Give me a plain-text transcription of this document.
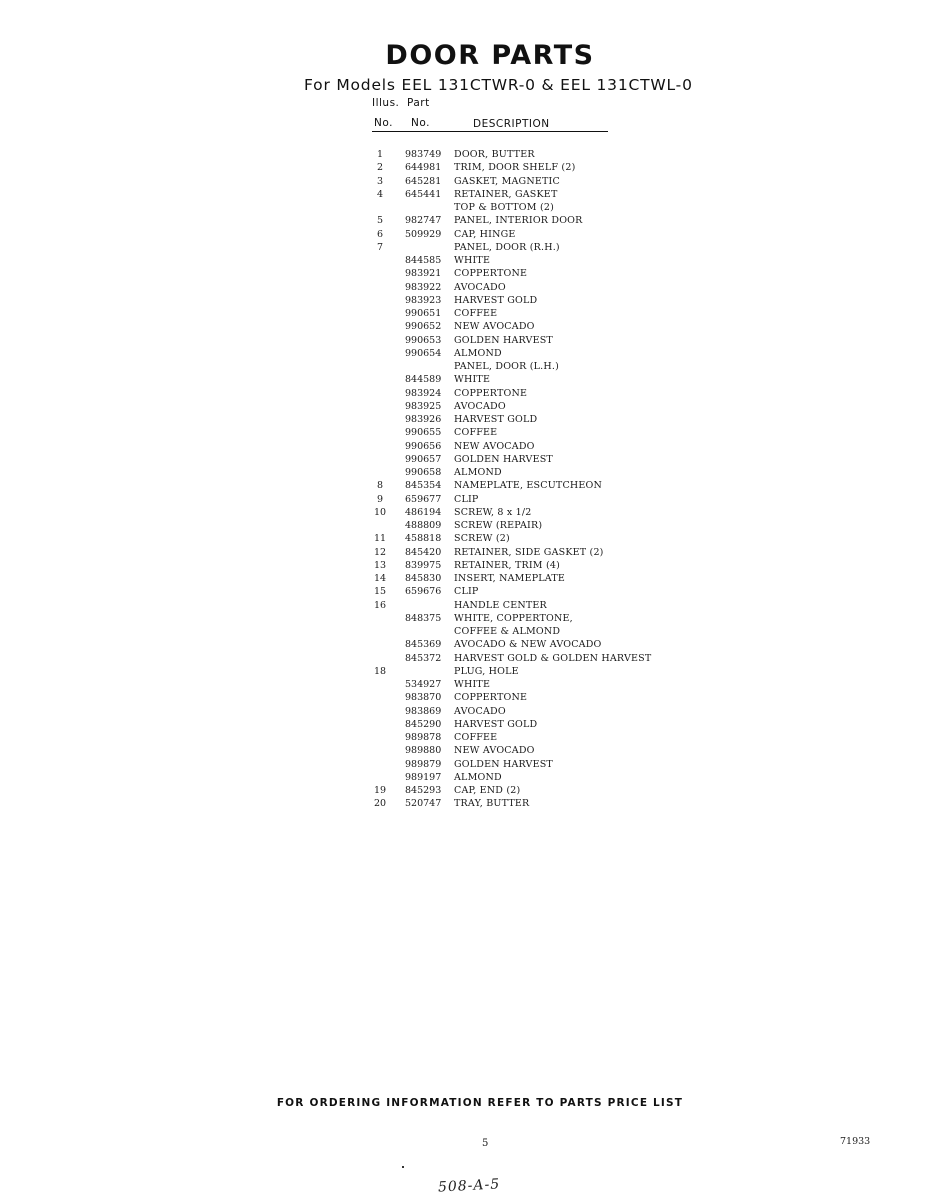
DOOR PARTS
For Models EEL 131CTWR-0 & EEL 131CTWL-0
Illus. Part
No. No.	DESCRIPTION
1	983749 DOOR, BUTTER
2	644981 TRIM, DOOR SHELF (2)
3	645281 GASKET, MAGNETIC
4	645441 RETAINER, GASKET
TOP & BOTTOM (2)
5	982747 PANEL, INTERIOR DOOR
6	509929 CAP, HINGE
7	PANEL, DOOR (R.H.)
844585 WHITE
983921 COPPERTONE
983922 AVOCADO
983923 HARVEST GOLD
990651 COFFEE
990652 NEW AVOCADO
990653 GOLDEN HARVEST
990654 ALMOND
PANEL, DOOR (L.H.)
844589 WHITE
983924 COPPERTONE
983925 AVOCADO
983926 HARVEST GOLD
990655 COFFEE
990656 NEW AVOCADO
990657 GOLDEN HARVEST
990658 ALMOND
8	845354 NAMEPLATE, ESCUTCHEON
9	659677 CLIP
10	486194 SCREW, 8 x 1/2
488809 SCREW (REPAIR)
11	458818 SCREW (2)
12	845420 RETAINER, SIDE GASKET (2)
13	839975 RETAINER, TRIM (4)
14	845830 INSERT, NAMEPLATE
15	659676 CLIP
16	HANDLE CENTER
848375 WHITE, COPPERTONE,
COFFEE & ALMOND
845369 AVOCADO & NEW AVOCADO
845372 HARVEST GOLD & GOLDEN HARVEST
18	PLUG, HOLE
534927 WHITE
983870 COPPERTONE
983869 AVOCADO
845290 HARVEST GOLD
989878 COFFEE
989880 NEW AVOCADO
989879 GOLDEN HARVEST
989197 ALMOND
19	845293 CAP, END (2)
20	520747 TRAY, BUTTER
FOR ORDERING INFORMATION REFER TO PARTS PRICE LIST
5	71933
508-A-5
